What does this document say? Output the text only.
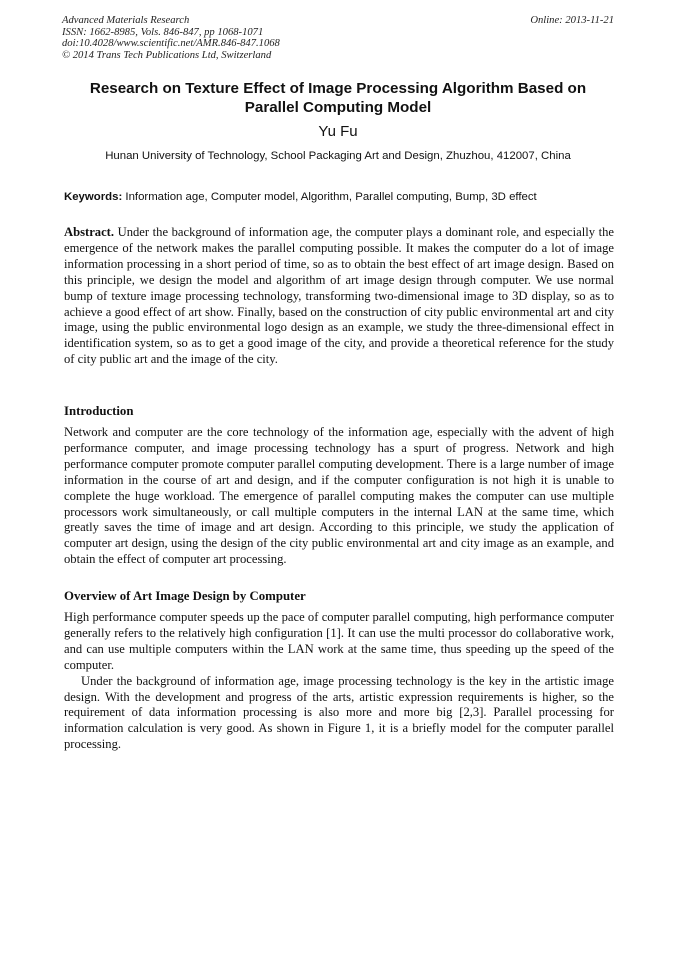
Advanced Materials Research
ISSN: 1662-8985, Vols. 846-847, pp 1068-1071
doi:10.4028/www.scientific.net/AMR.846-847.1068
© 2014 Trans Tech Publications Ltd, Switzerland
Online: 2013-11-21
Research on Texture Effect of Image Processing Algorithm Based on Parallel Computing Model
Yu Fu
Hunan University of Technology, School Packaging Art and Design, Zhuzhou, 412007, China
Keywords: Information age, Computer model, Algorithm, Parallel computing, Bump, 3D effect

Abstract. Under the background of information age, the computer plays a dominant role, and especially the emergence of the network makes the parallel computing possible. It makes the computer do a lot of image information processing in a short period of time, so as to obtain the best effect of art image design. Based on this principle, we design the model and algorithm of art image design through computer. We use normal bump of texture image processing technology, transforming two-dimensional image to 3D display, so as to achieve a good effect of art show. Finally, based on the construction of city public environmental art and city image, using the public environmental logo design as an example, we study the three-dimensional effect in identification system, so as to get a good image of the city, and provide a theoretical reference for the study of city public art and the image of the city.

Introduction

Network and computer are the core technology of the information age, especially with the advent of high performance computer, and image processing technology has a spurt of progress. Network and high performance computer promote computer parallel computing development. There is a large number of image information in the course of art and design, and if the computer configuration is not high it is unable to complete the huge workload. The emergence of parallel computing makes the computer can use multiple processors work simultaneously, or call multiple computers in the internal LAN at the same time, which greatly saves the time of image and art design. According to this principle, we study the application of computer art design, using the design of the city public environmental art and city image as an example, and obtain the effect of computer art processing.

Overview of Art Image Design by Computer

High performance computer speeds up the pace of computer parallel computing, high performance computer generally refers to the relatively high configuration [1]. It can use the multi processor do collaborative work, and can use multiple computers within the LAN work at the same time, thus speeding up the speed of the computer.

Under the background of information age, image processing technology is the key in the artistic image design. With the development and progress of the arts, artistic expression requirements is higher, so the requirement of data information processing is also more and more big [2,3]. Parallel processing for information calculation is very good. As shown in Figure 1, it is a briefly model for the computer parallel processing.
